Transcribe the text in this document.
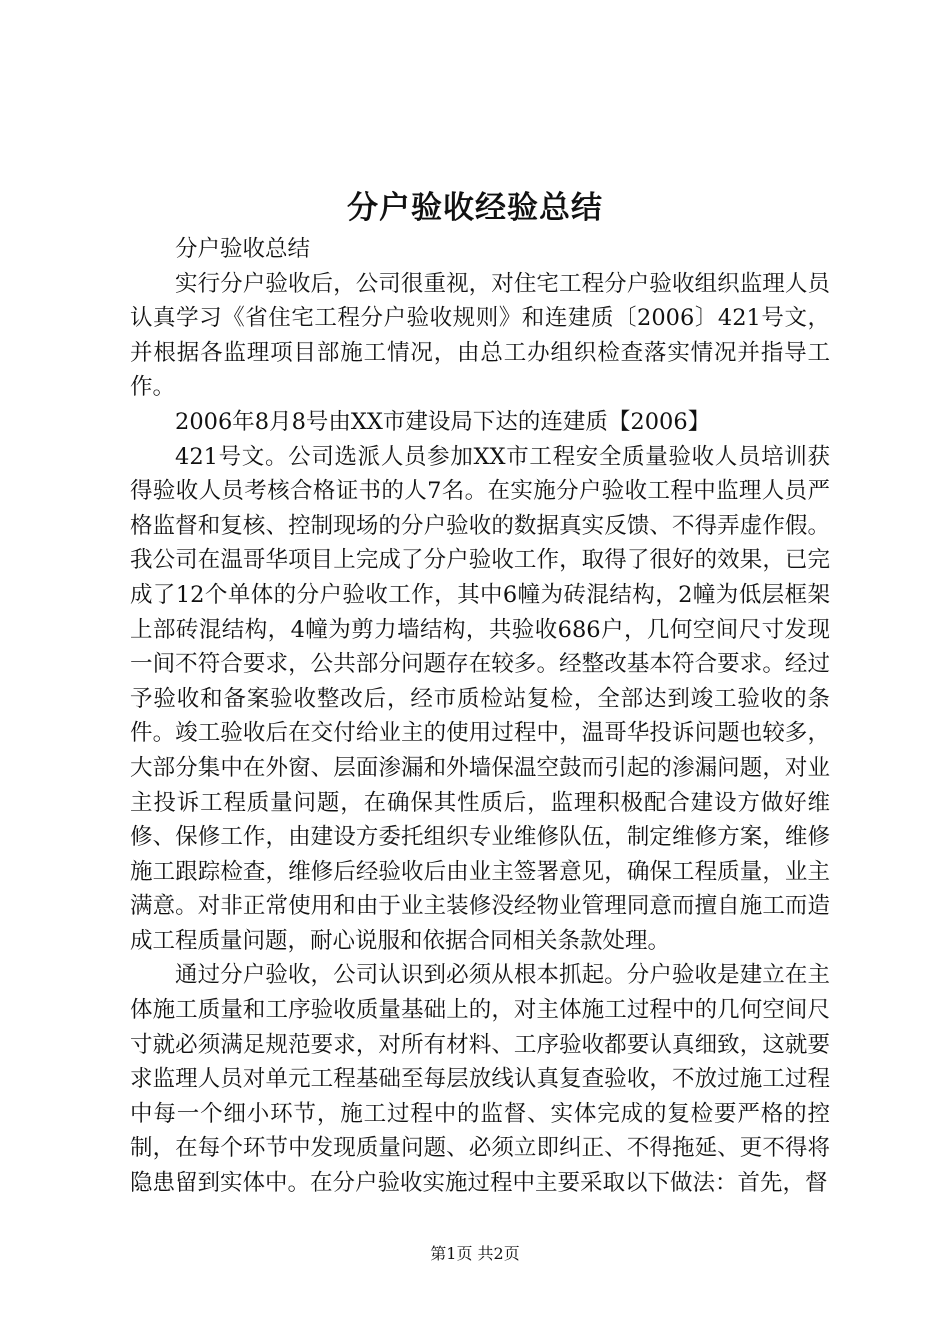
分户验收经验总结

分户验收总结

实行分户验收后，公司很重视，对住宅工程分户验收组织监理人员认真学习《省住宅工程分户验收规则》和连建质〔2006〕421号文，并根据各监理项目部施工情况，由总工办组织检查落实情况并指导工作。

2006年8月8号由XX市建设局下达的连建质【2006】

421号文。公司选派人员参加XX市工程安全质量验收人员培训获得验收人员考核合格证书的人7名。在实施分户验收工程中监理人员严格监督和复核、控制现场的分户验收的数据真实反馈、不得弄虚作假。我公司在温哥华项目上完成了分户验收工作，取得了很好的效果，已完成了12个单体的分户验收工作，其中6幢为砖混结构，2幢为低层框架上部砖混结构，4幢为剪力墙结构，共验收686户，几何空间尺寸发现一间不符合要求，公共部分问题存在较多。经整改基本符合要求。经过予验收和备案验收整改后，经市质检站复检，全部达到竣工验收的条件。竣工验收后在交付给业主的使用过程中，温哥华投诉问题也较多，大部分集中在外窗、层面渗漏和外墙保温空鼓而引起的渗漏问题，对业主投诉工程质量问题，在确保其性质后，监理积极配合建设方做好维修、保修工作，由建设方委托组织专业维修队伍，制定维修方案，维修施工跟踪检查，维修后经验收后由业主签署意见，确保工程质量，业主满意。对非正常使用和由于业主装修没经物业管理同意而擅自施工而造成工程质量问题，耐心说服和依据合同相关条款处理。

通过分户验收，公司认识到必须从根本抓起。分户验收是建立在主体施工质量和工序验收质量基础上的，对主体施工过程中的几何空间尺寸就必须满足规范要求，对所有材料、工序验收都要认真细致，这就要求监理人员对单元工程基础至每层放线认真复查验收，不放过施工过程中每一个细小环节，施工过程中的监督、实体完成的复检要严格的控制，在每个环节中发现质量问题、必须立即纠正、不得拖延、更不得将隐患留到实体中。在分户验收实施过程中主要采取以下做法：首先，督

第1页 共2页
